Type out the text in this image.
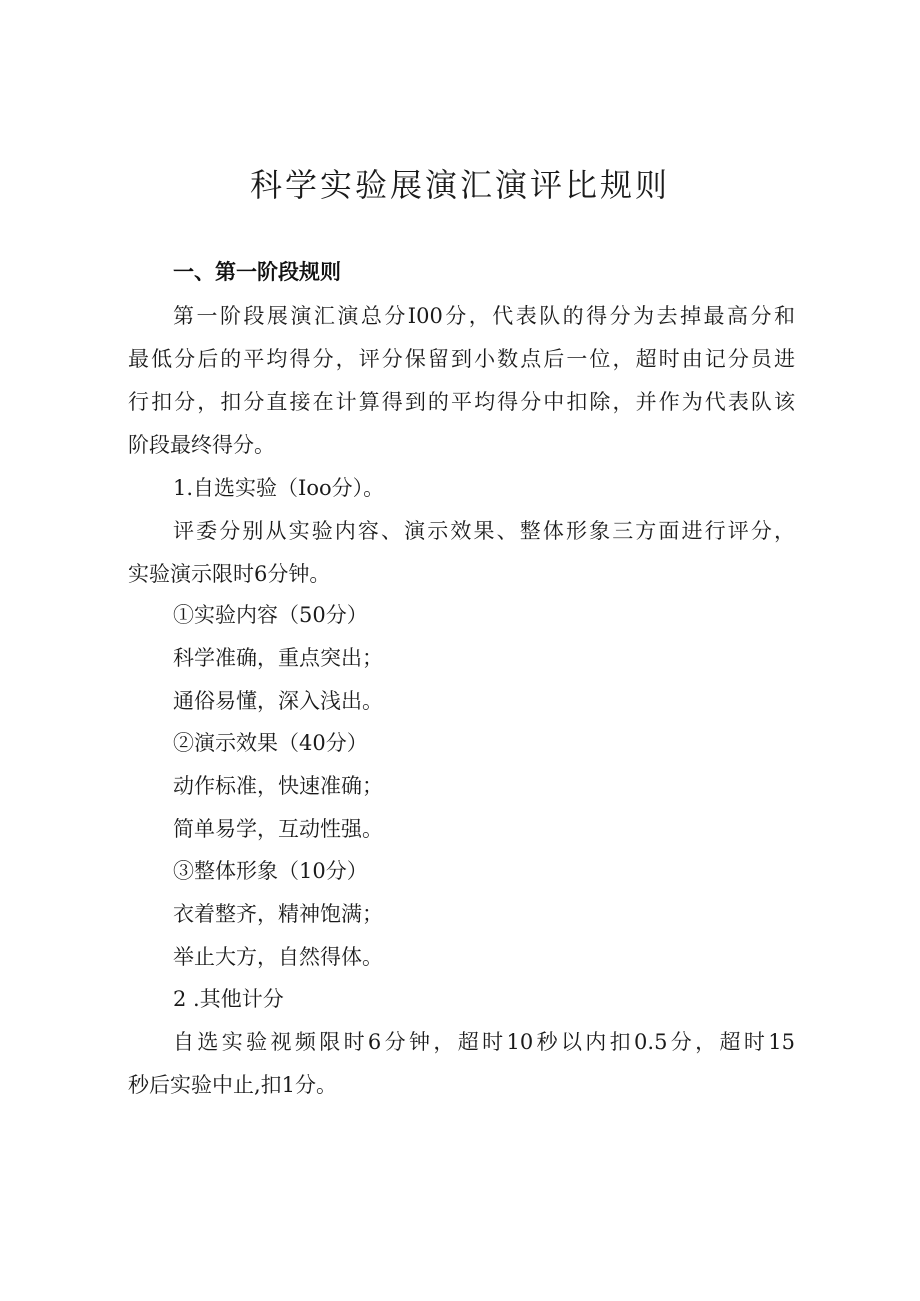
科学实验展演汇演评比规则
一、第一阶段规则
第一阶段展演汇演总分I00分，代表队的得分为去掉最高分和
最低分后的平均得分，评分保留到小数点后一位，超时由记分员进
行扣分，扣分直接在计算得到的平均得分中扣除，并作为代表队该
阶段最终得分。
1.自选实验（Ioo分）。
评委分别从实验内容、演示效果、整体形象三方面进行评分，
实验演示限时6分钟。
①实验内容（50分）
科学准确，重点突出；
通俗易懂，深入浅出。
②演示效果（40分）
动作标准，快速准确；
简单易学，互动性强。
③整体形象（10分）
衣着整齐，精神饱满；
举止大方，自然得体。
2 .其他计分
自选实验视频限时6分钟，超时10秒以内扣0.5分，超时15
秒后实验中止,扣1分。
